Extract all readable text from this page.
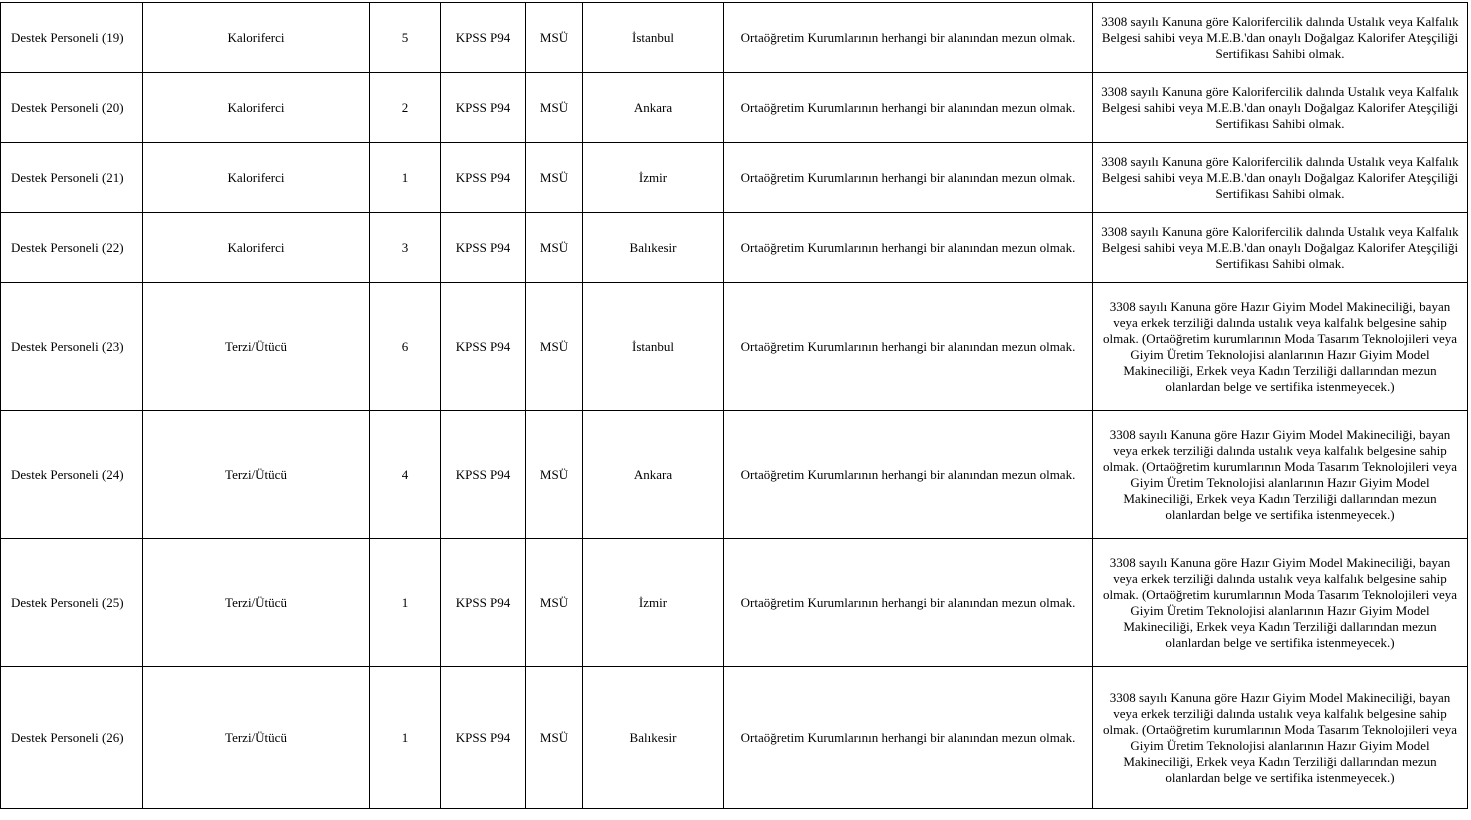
Destek Personeli (19)	Kaloriferci	5	KPSS P94	MSÜ	İstanbul	Ortaöğretim Kurumlarının herhangi bir alanından mezun olmak.	3308 sayılı Kanuna göre Kalorifercilik dalında Ustalık veya Kalfalık Belgesi sahibi veya M.E.B.'dan onaylı Doğalgaz Kalorifer Ateşçiliği Sertifikası Sahibi olmak.
Destek Personeli (20)	Kaloriferci	2	KPSS P94	MSÜ	Ankara	Ortaöğretim Kurumlarının herhangi bir alanından mezun olmak.	3308 sayılı Kanuna göre Kalorifercilik dalında Ustalık veya Kalfalık Belgesi sahibi veya M.E.B.'dan onaylı Doğalgaz Kalorifer Ateşçiliği Sertifikası Sahibi olmak.
Destek Personeli (21)	Kaloriferci	1	KPSS P94	MSÜ	İzmir	Ortaöğretim Kurumlarının herhangi bir alanından mezun olmak.	3308 sayılı Kanuna göre Kalorifercilik dalında Ustalık veya Kalfalık Belgesi sahibi veya M.E.B.'dan onaylı Doğalgaz Kalorifer Ateşçiliği Sertifikası Sahibi olmak.
Destek Personeli (22)	Kaloriferci	3	KPSS P94	MSÜ	Balıkesir	Ortaöğretim Kurumlarının herhangi bir alanından mezun olmak.	3308 sayılı Kanuna göre Kalorifercilik dalında Ustalık veya Kalfalık Belgesi sahibi veya M.E.B.'dan onaylı Doğalgaz Kalorifer Ateşçiliği Sertifikası Sahibi olmak.
Destek Personeli (23)	Terzi/Ütücü	6	KPSS P94	MSÜ	İstanbul	Ortaöğretim Kurumlarının herhangi bir alanından mezun olmak.	3308 sayılı Kanuna göre Hazır Giyim Model Makineciliği, bayan veya erkek terziliği dalında ustalık veya kalfalık belgesine sahip olmak. (Ortaöğretim kurumlarının Moda Tasarım Teknolojileri veya Giyim Üretim Teknolojisi alanlarının Hazır Giyim Model Makineciliği, Erkek veya Kadın Terziliği dallarından mezun olanlardan belge ve sertifika istenmeyecek.)
Destek Personeli (24)	Terzi/Ütücü	4	KPSS P94	MSÜ	Ankara	Ortaöğretim Kurumlarının herhangi bir alanından mezun olmak.	3308 sayılı Kanuna göre Hazır Giyim Model Makineciliği, bayan veya erkek terziliği dalında ustalık veya kalfalık belgesine sahip olmak. (Ortaöğretim kurumlarının Moda Tasarım Teknolojileri veya Giyim Üretim Teknolojisi alanlarının Hazır Giyim Model Makineciliği, Erkek veya Kadın Terziliği dallarından mezun olanlardan belge ve sertifika istenmeyecek.)
Destek Personeli (25)	Terzi/Ütücü	1	KPSS P94	MSÜ	İzmir	Ortaöğretim Kurumlarının herhangi bir alanından mezun olmak.	3308 sayılı Kanuna göre Hazır Giyim Model Makineciliği, bayan veya erkek terziliği dalında ustalık veya kalfalık belgesine sahip olmak. (Ortaöğretim kurumlarının Moda Tasarım Teknolojileri veya Giyim Üretim Teknolojisi alanlarının Hazır Giyim Model Makineciliği, Erkek veya Kadın Terziliği dallarından mezun olanlardan belge ve sertifika istenmeyecek.)
Destek Personeli (26)	Terzi/Ütücü	1	KPSS P94	MSÜ	Balıkesir	Ortaöğretim Kurumlarının herhangi bir alanından mezun olmak.	3308 sayılı Kanuna göre Hazır Giyim Model Makineciliği, bayan veya erkek terziliği dalında ustalık veya kalfalık belgesine sahip olmak. (Ortaöğretim kurumlarının Moda Tasarım Teknolojileri veya Giyim Üretim Teknolojisi alanlarının Hazır Giyim Model Makineciliği, Erkek veya Kadın Terziliği dallarından mezun olanlardan belge ve sertifika istenmeyecek.)
